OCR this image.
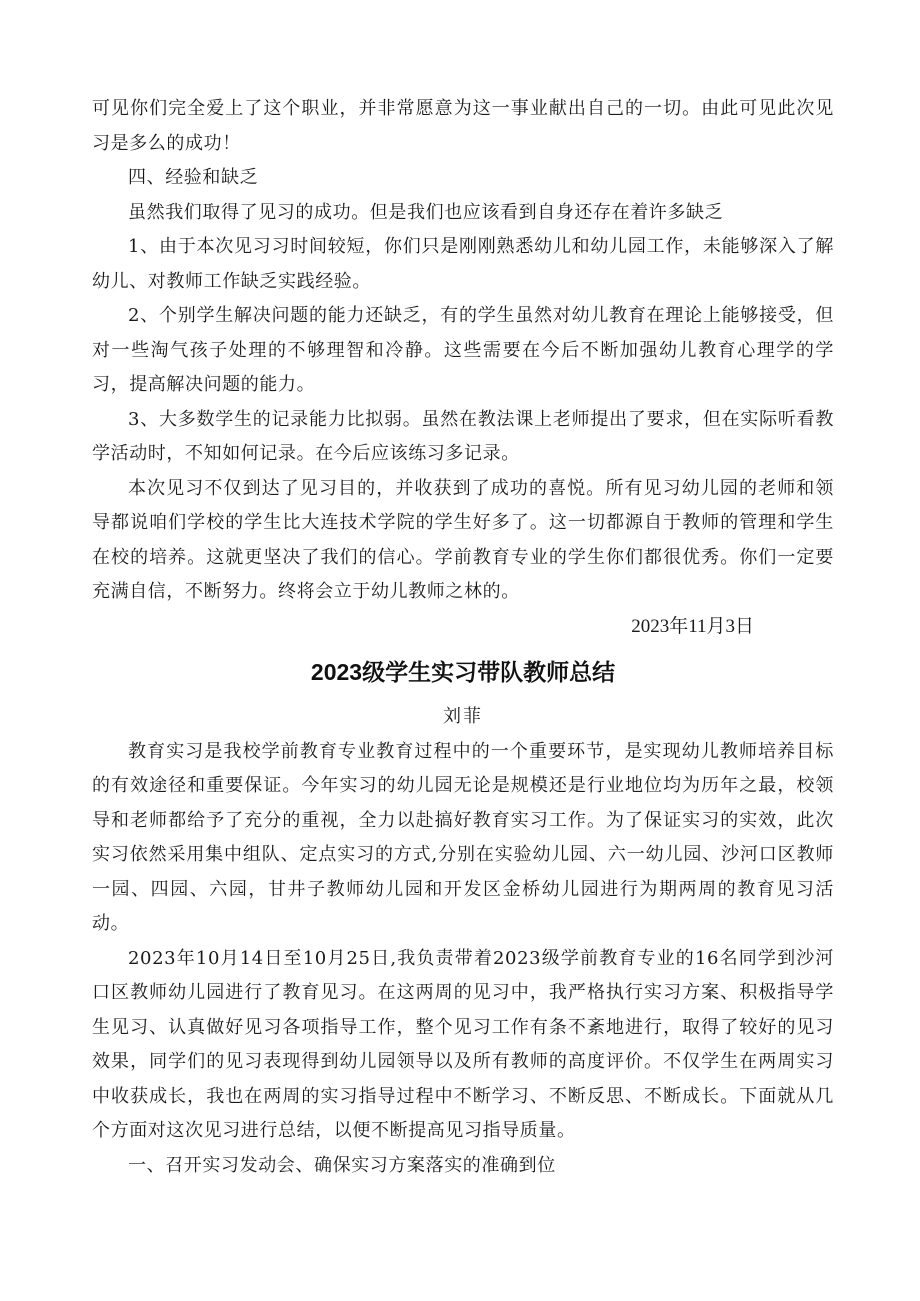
可见你们完全爱上了这个职业，并非常愿意为这一事业献出自己的一切。由此可见此次见习是多么的成功！

四、经验和缺乏

虽然我们取得了见习的成功。但是我们也应该看到自身还存在着许多缺乏

1、由于本次见习习时间较短，你们只是刚刚熟悉幼儿和幼儿园工作，未能够深入了解幼儿、对教师工作缺乏实践经验。

2、个别学生解决问题的能力还缺乏，有的学生虽然对幼儿教育在理论上能够接受，但对一些淘气孩子处理的不够理智和冷静。这些需要在今后不断加强幼儿教育心理学的学习，提高解决问题的能力。

3、大多数学生的记录能力比拟弱。虽然在教法课上老师提出了要求，但在实际听看教学活动时，不知如何记录。在今后应该练习多记录。

本次见习不仅到达了见习目的，并收获到了成功的喜悦。所有见习幼儿园的老师和领导都说咱们学校的学生比大连技术学院的学生好多了。这一切都源自于教师的管理和学生在校的培养。这就更坚决了我们的信心。学前教育专业的学生你们都很优秀。你们一定要充满自信，不断努力。终将会立于幼儿教师之林的。

2023年11月3日

2023级学生实习带队教师总结

刘菲

教育实习是我校学前教育专业教育过程中的一个重要环节，是实现幼儿教师培养目标的有效途径和重要保证。今年实习的幼儿园无论是规模还是行业地位均为历年之最，校领导和老师都给予了充分的重视，全力以赴搞好教育实习工作。为了保证实习的实效，此次实习依然采用集中组队、定点实习的方式,分别在实验幼儿园、六一幼儿园、沙河口区教师一园、四园、六园，甘井子教师幼儿园和开发区金桥幼儿园进行为期两周的教育见习活动。

2023年10月14日至10月25日,我负责带着2023级学前教育专业的16名同学到沙河口区教师幼儿园进行了教育见习。在这两周的见习中，我严格执行实习方案、积极指导学生见习、认真做好见习各项指导工作，整个见习工作有条不紊地进行，取得了较好的见习效果，同学们的见习表现得到幼儿园领导以及所有教师的高度评价。不仅学生在两周实习中收获成长，我也在两周的实习指导过程中不断学习、不断反思、不断成长。下面就从几个方面对这次见习进行总结，以便不断提高见习指导质量。

一、召开实习发动会、确保实习方案落实的准确到位
